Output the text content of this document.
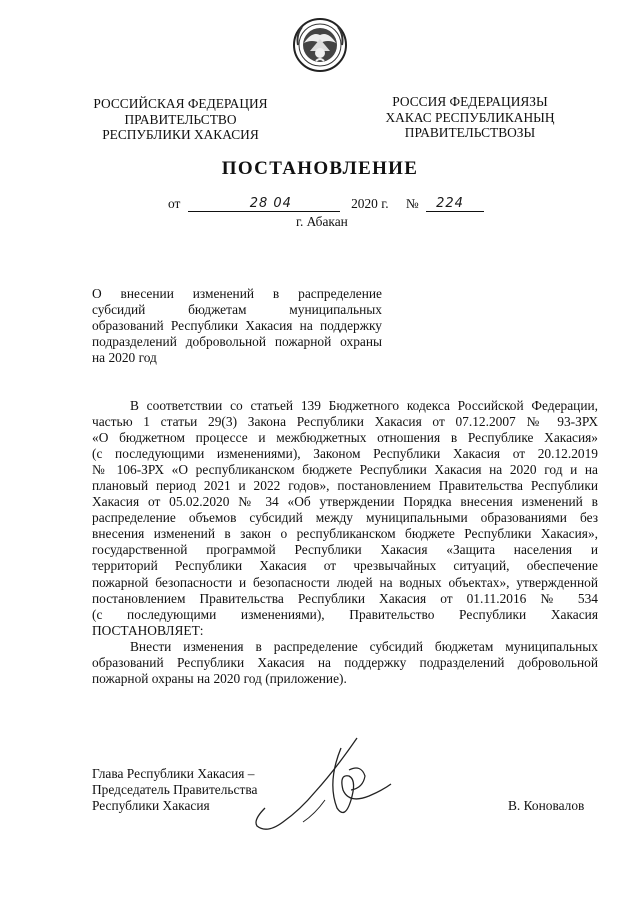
РОССИЙСКАЯ ФЕДЕРАЦИЯ
ПРАВИТЕЛЬСТВО
РЕСПУБЛИКИ ХАКАСИЯ
РОССИЯ ФЕДЕРАЦИЯЗЫ
ХАКАС РЕСПУБЛИКАНЫҢ
ПРАВИТЕЛЬСТВОЗЫ
ПОСТАНОВЛЕНИЕ
от	28 04	2020 г. № 224
г. Абакан
О внесении изменений в распределение
субсидий бюджетам муниципальных
образований Республики Хакасия на поддержку
подразделений добровольной пожарной охраны
на 2020 год
В соответствии со статьей 139 Бюджетного кодекса Российской Федерации,
частью 1 статьи 29(3) Закона Республики Хакасия от 07.12.2007 № 93-ЗРХ
«О бюджетном процессе и межбюджетных отношения в Республике Хакасия»
(с последующими изменениями), Законом Республики Хакасия от 20.12.2019
№ 106-ЗРХ «О республиканском бюджете Республики Хакасия на 2020 год и на
плановый период 2021 и 2022 годов», постановлением Правительства Республики
Хакасия от 05.02.2020 № 34 «Об утверждении Порядка внесения изменений в
распределение объемов субсидий между муниципальными образованиями без
внесения изменений в закон о республиканском бюджете Республики Хакасия»,
государственной программой Республики Хакасия «Защита населения и
территорий Республики Хакасия от чрезвычайных ситуаций, обеспечение
пожарной безопасности и безопасности людей на водных объектах», утвержденной
постановлением Правительства Республики Хакасия от 01.11.2016 № 534
(с последующими изменениями), Правительство Республики Хакасия
ПОСТАНОВЛЯЕТ:
Внести изменения в распределение субсидий бюджетам муниципальных
образований Республики Хакасия на поддержку подразделений добровольной
пожарной охраны на 2020 год (приложение).
Глава Республики Хакасия –
Председатель Правительства
Республики Хакасия	В. Коновалов
